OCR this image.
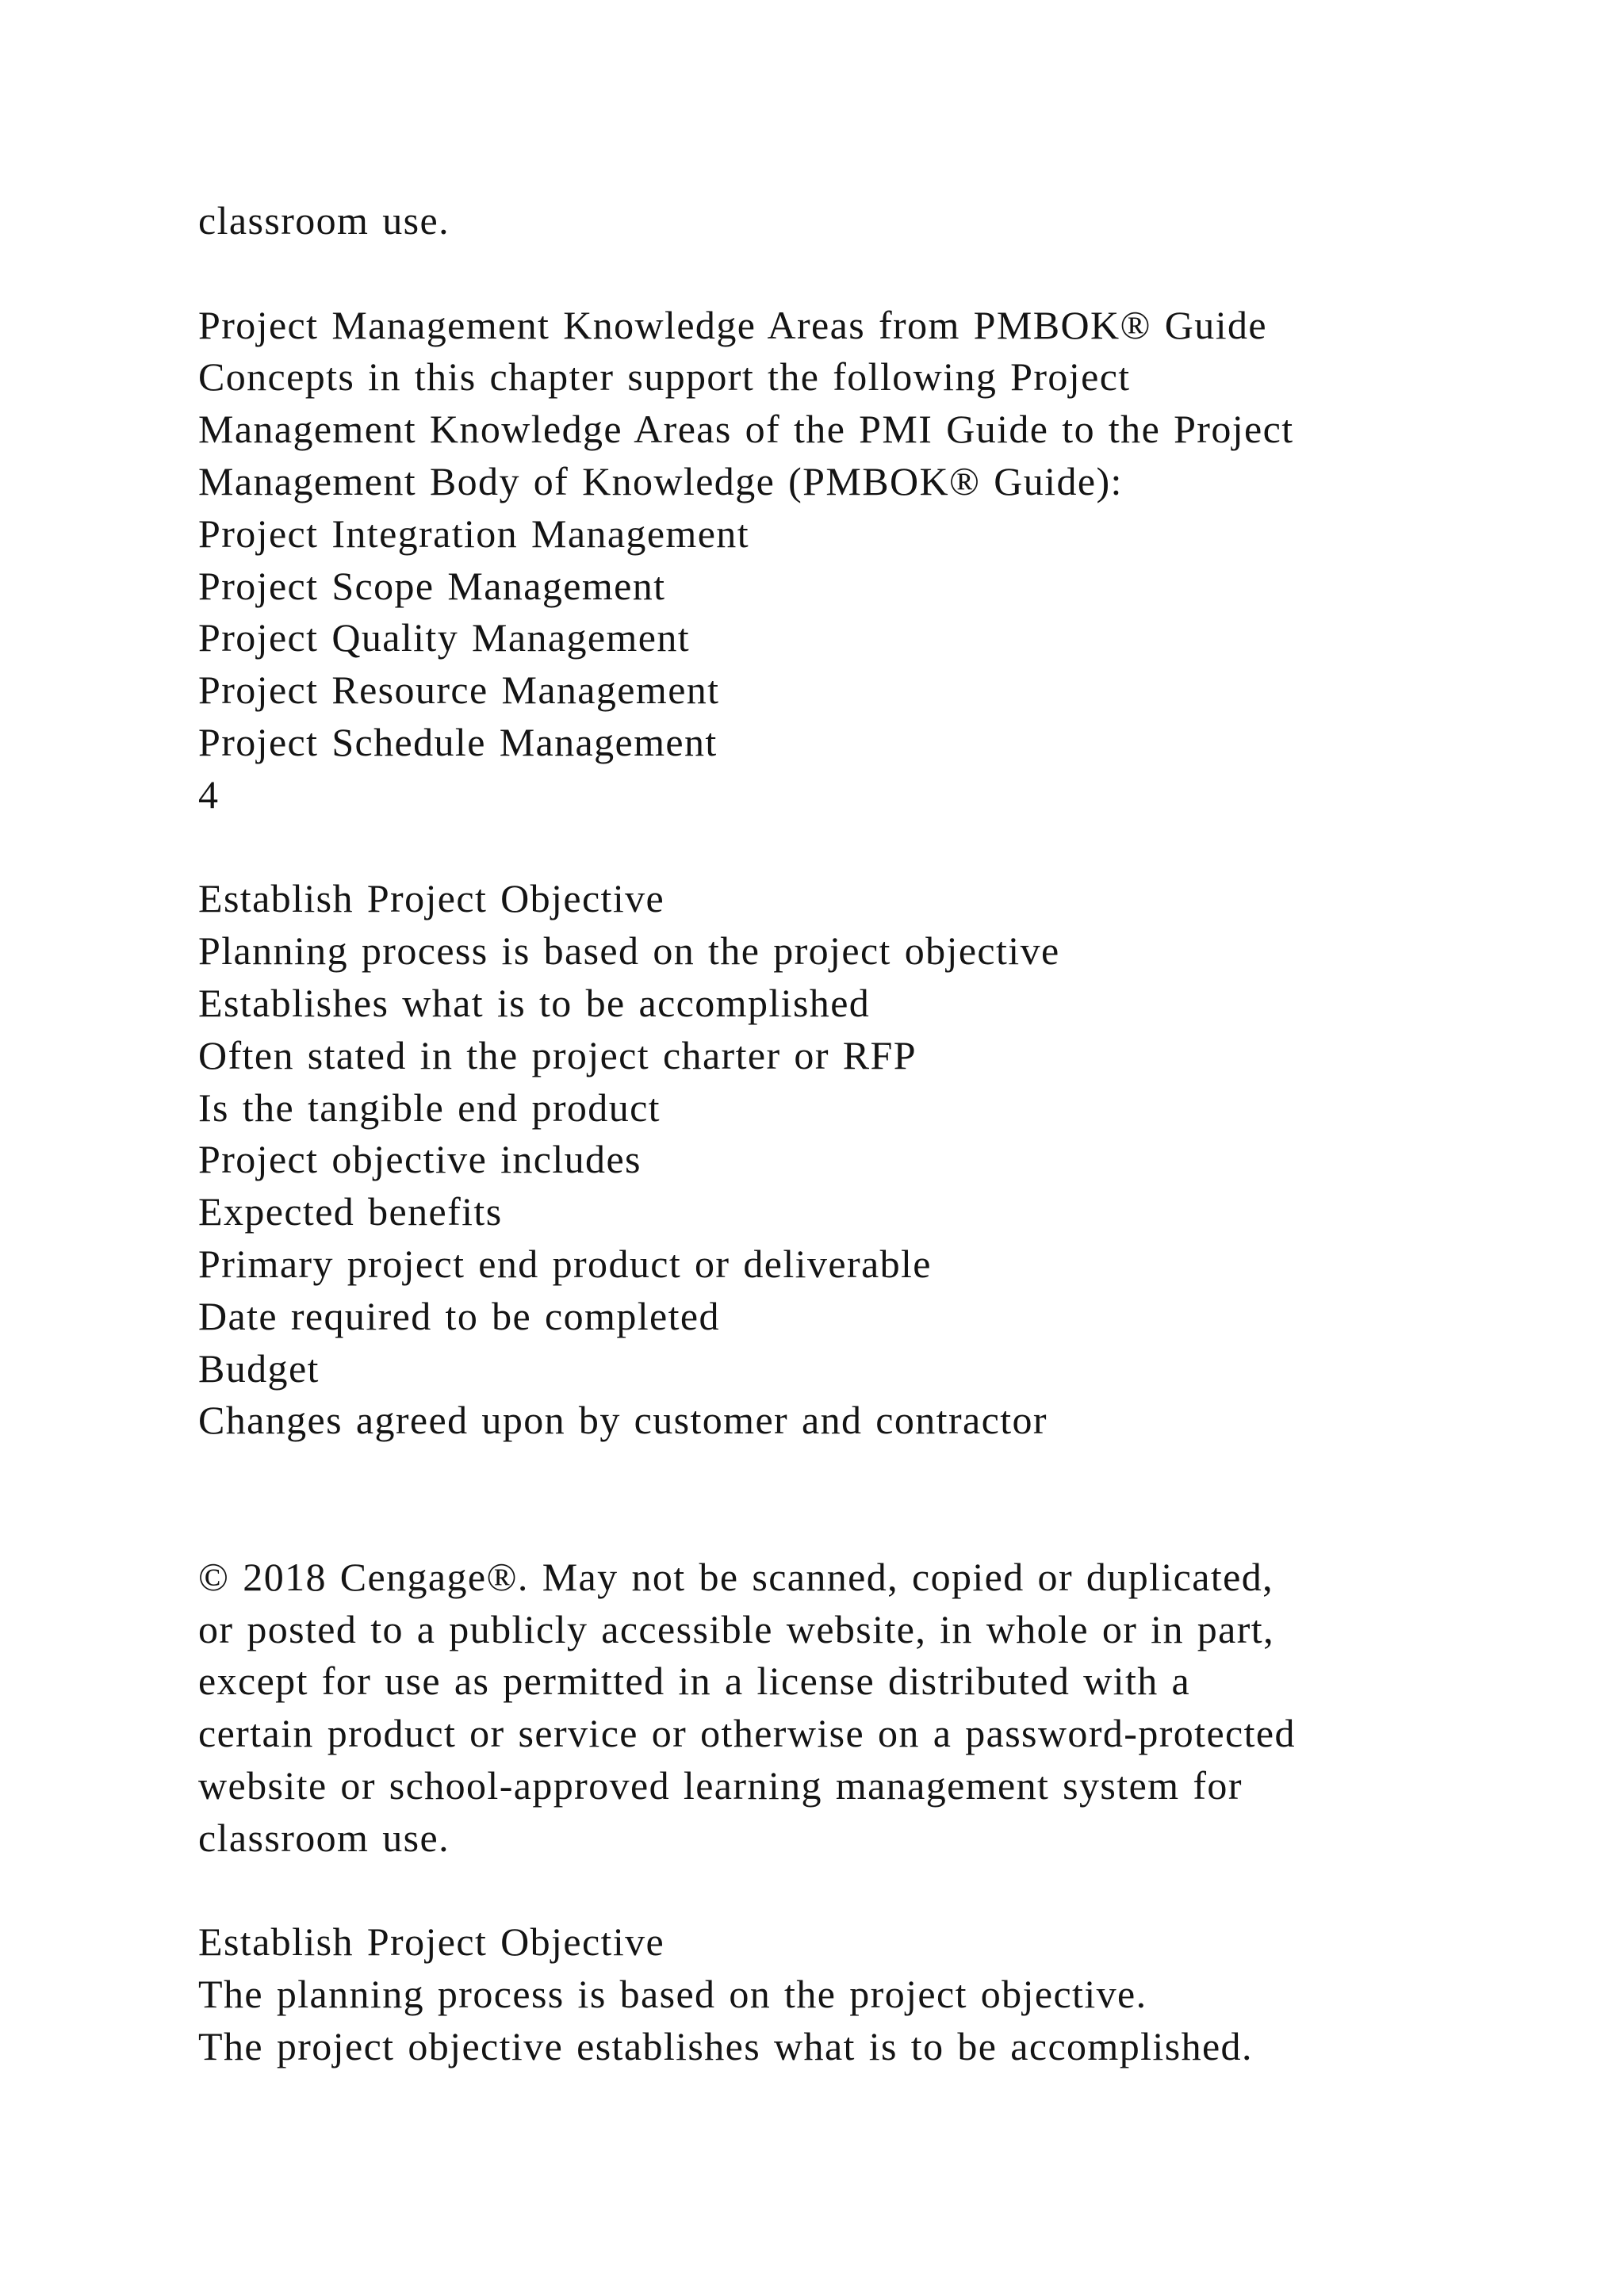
classroom use.
Project Management Knowledge Areas from PMBOK® Guide
Concepts in this chapter support the following Project
Management Knowledge Areas of the PMI Guide to the Project
Management Body of Knowledge (PMBOK® Guide):
Project Integration Management
Project Scope Management
Project Quality Management
Project Resource Management
Project Schedule Management
4
Establish Project Objective
Planning process is based on the project objective
Establishes what is to be accomplished
Often stated in the project charter or RFP
Is the tangible end product
Project objective includes
Expected benefits
Primary project end product or deliverable
Date required to be completed
Budget
Changes agreed upon by customer and contractor
© 2018 Cengage®. May not be scanned, copied or duplicated,
or posted to a publicly accessible website, in whole or in part,
except for use as permitted in a license distributed with a
certain product or service or otherwise on a password-protected
website or school-approved learning management system for
classroom use.
Establish Project Objective
The planning process is based on the project objective.
The project objective establishes what is to be accomplished.
